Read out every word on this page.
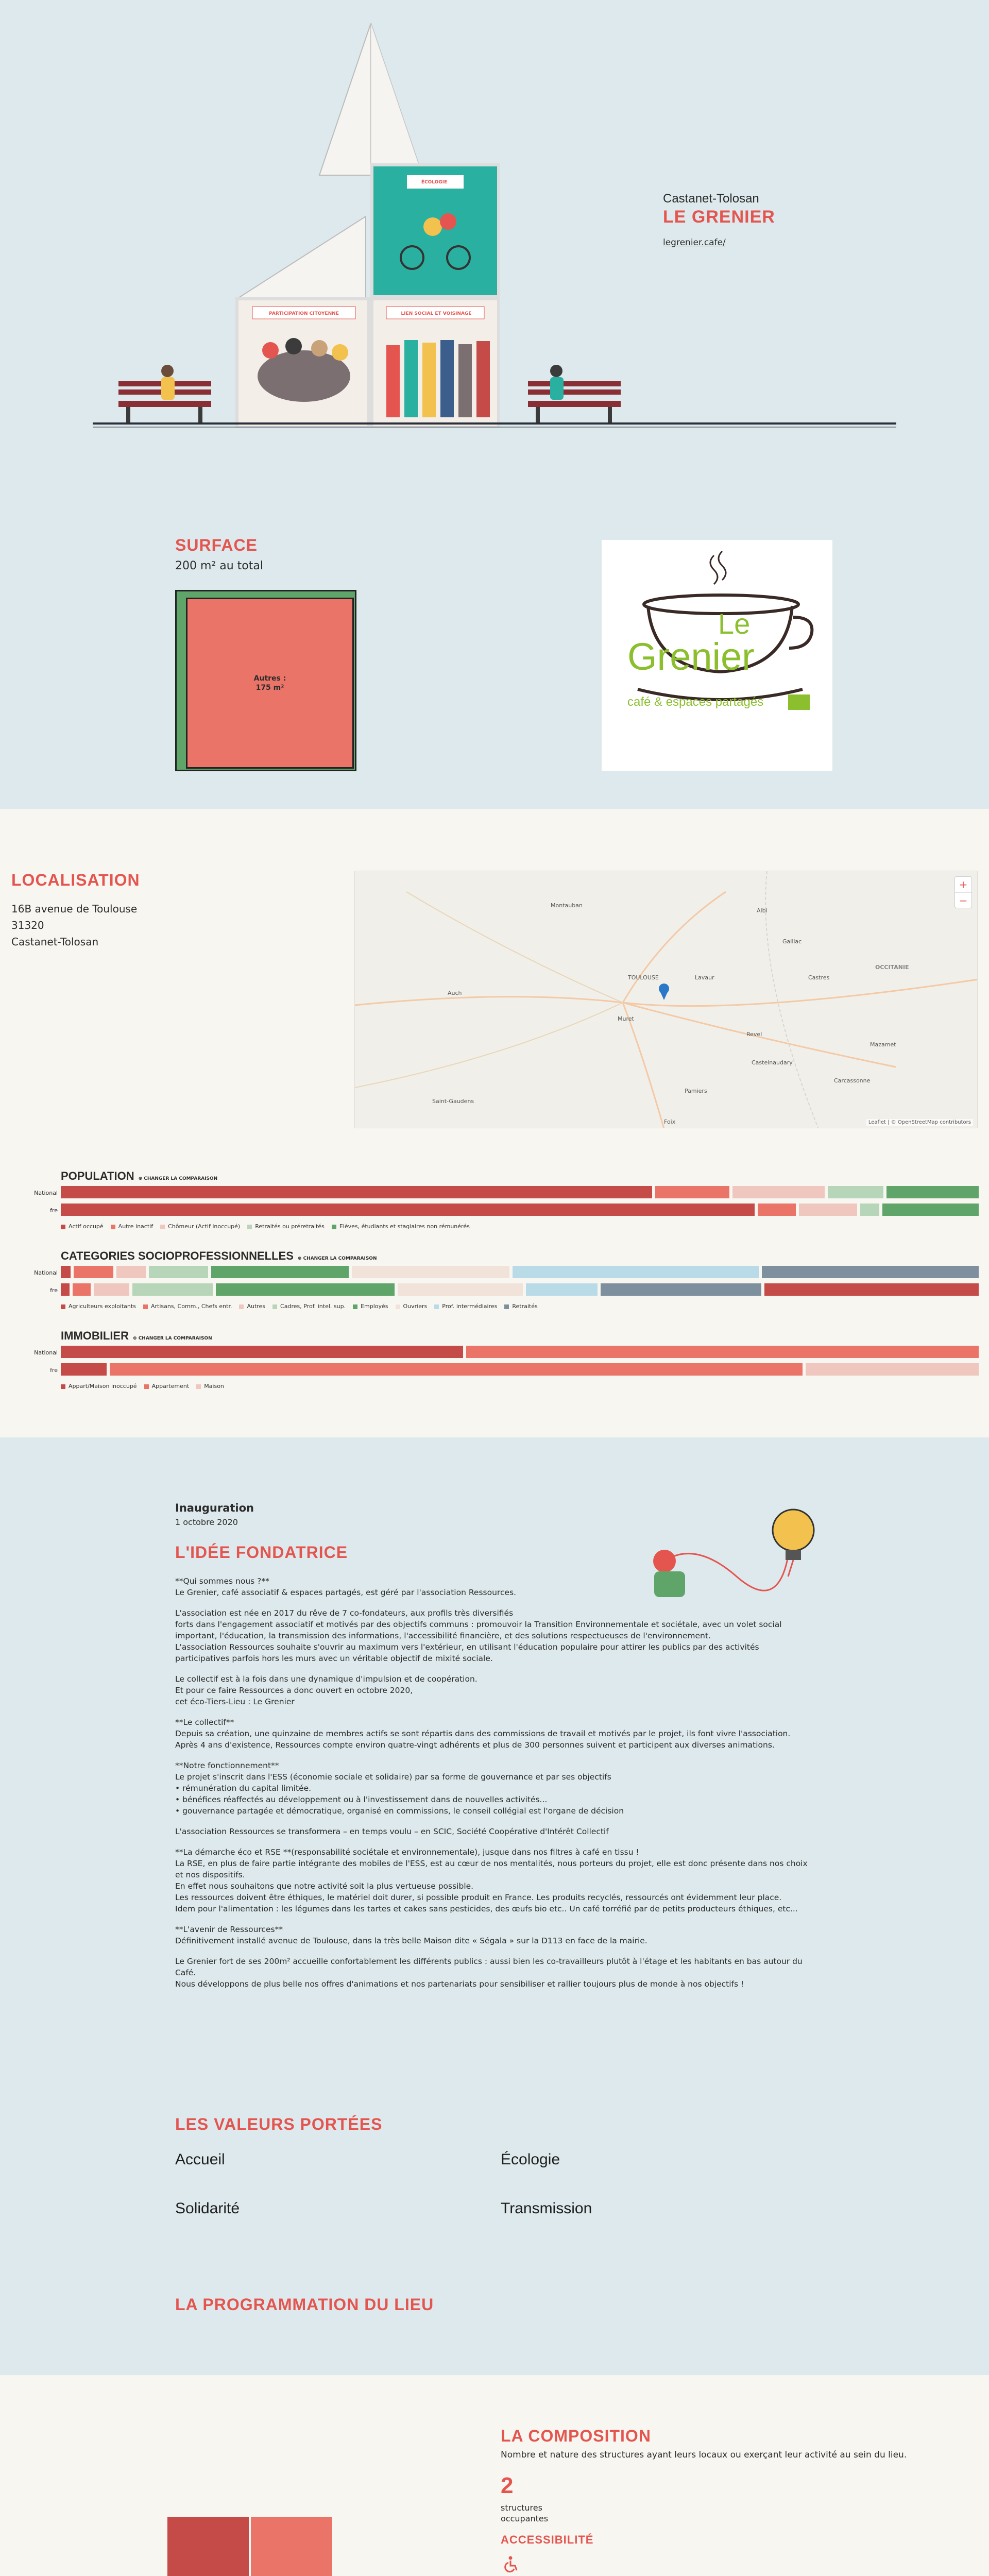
ÉCOLOGIE
PARTICIPATION CITOYENNE	LIEN SOCIAL ET VOISINAGE
Castanet-Tolosan
LE GRENIER
legrenier.cafe/
SURFACE
200 m² au total
Autres :
175 m²
Le
Grenier
café & espaces partagés
LOCALISATION
16B avenue de Toulouse
31320
Castanet-Tolosan
TOULOUSE
Montauban
Albi
Castres
Auch
Muret
Carcassonne
Pamiers
Foix
Lavaur
Revel
OCCITANIE
Castelnaudary
Gaillac
Mazamet
Saint-Gaudens
+
−
Leaflet | © OpenStreetMap contributors
POPULATION ⊕ CHANGER LA COMPARAISON
National
fre
Actif occupé	Autre inactif	Chômeur (Actif inoccupé)	Retraités ou préretraités	Elèves, étudiants et stagiaires non rémunérés
CATEGORIES SOCIOPROFESSIONNELLES ⊕ CHANGER LA COMPARAISON
National
fre
Agriculteurs exploitants	Artisans, Comm., Chefs entr.	Autres	Cadres, Prof. intel. sup.	Employés	Ouvriers	Prof. intermédiaires	Retraités
IMMOBILIER ⊕ CHANGER LA COMPARAISON
National
fre
Appart/Maison inoccupé	Appartement	Maison
Inauguration
1 octobre 2020
L'IDÉE FONDATRICE

**Qui sommes nous ?**
Le Grenier, café associatif & espaces partagés, est géré par l'association Ressources.

L'association est née en 2017 du rêve de 7 co-fondateurs, aux profils très diversifiés
forts dans l'engagement associatif et motivés par des objectifs communs : promouvoir la Transition Environnementale et sociétale, avec un volet social important, l'éducation, la transmission des informations, l'accessibilité financière, et des solutions respectueuses de l'environnement.
L'association Ressources souhaite s'ouvrir au maximum vers l'extérieur, en utilisant l'éducation populaire pour attirer les publics par des activités participatives parfois hors les murs avec un véritable objectif de mixité sociale.

Le collectif est à la fois dans une dynamique d'impulsion et de coopération.
Et pour ce faire Ressources a donc ouvert en octobre 2020,
cet éco-Tiers-Lieu : Le Grenier

**Le collectif**
Depuis sa création, une quinzaine de membres actifs se sont répartis dans des commissions de travail et motivés par le projet, ils font vivre l'association.
Après 4 ans d'existence, Ressources compte environ quatre-vingt adhérents et plus de 300 personnes suivent et participent aux diverses animations.

**Notre fonctionnement**
Le projet s'inscrit dans l'ESS (économie sociale et solidaire) par sa forme de gouvernance et par ses objectifs
• rémunération du capital limitée.
• bénéfices réaffectés au développement ou à l'investissement dans de nouvelles activités...
• gouvernance partagée et démocratique, organisé en commissions, le conseil collégial est l'organe de décision

L'association Ressources se transformera – en temps voulu – en SCIC, Société Coopérative d'Intérêt Collectif

**La démarche éco et RSE **(responsabilité sociétale et environnementale), jusque dans nos filtres à café en tissu !
La RSE, en plus de faire partie intégrante des mobiles de l'ESS, est au cœur de nos mentalités, nous porteurs du projet, elle est donc présente dans nos choix et nos dispositifs.
En effet nous souhaitons que notre activité soit la plus vertueuse possible.
Les ressources doivent être éthiques, le matériel doit durer, si possible produit en France. Les produits recyclés, ressourcés ont évidemment leur place.
Idem pour l'alimentation : les légumes dans les tartes et cakes sans pesticides, des œufs bio etc.. Un café torréfié par de petits producteurs éthiques, etc...

**L'avenir de Ressources**
Définitivement installé avenue de Toulouse, dans la très belle Maison dite « Ségala » sur la D113 en face de la mairie.

Le Grenier fort de ses 200m² accueille confortablement les différents publics : aussi bien les co-travailleurs plutôt à l'étage et les habitants en bas autour du Café.
Nous développons de plus belle nos offres d'animations et nos partenariats pour sensibiliser et rallier toujours plus de monde à nos objectifs !

LES VALEURS PORTÉES
Accueil	Écologie
Solidarité	Transmission
LA PROGRAMMATION DU LIEU
LA COMPOSITION
Nombre et nature des structures ayant leurs locaux ou exerçant leur activité au sein du lieu.
2
structures
occupantes
ACCESSIBILITÉ
